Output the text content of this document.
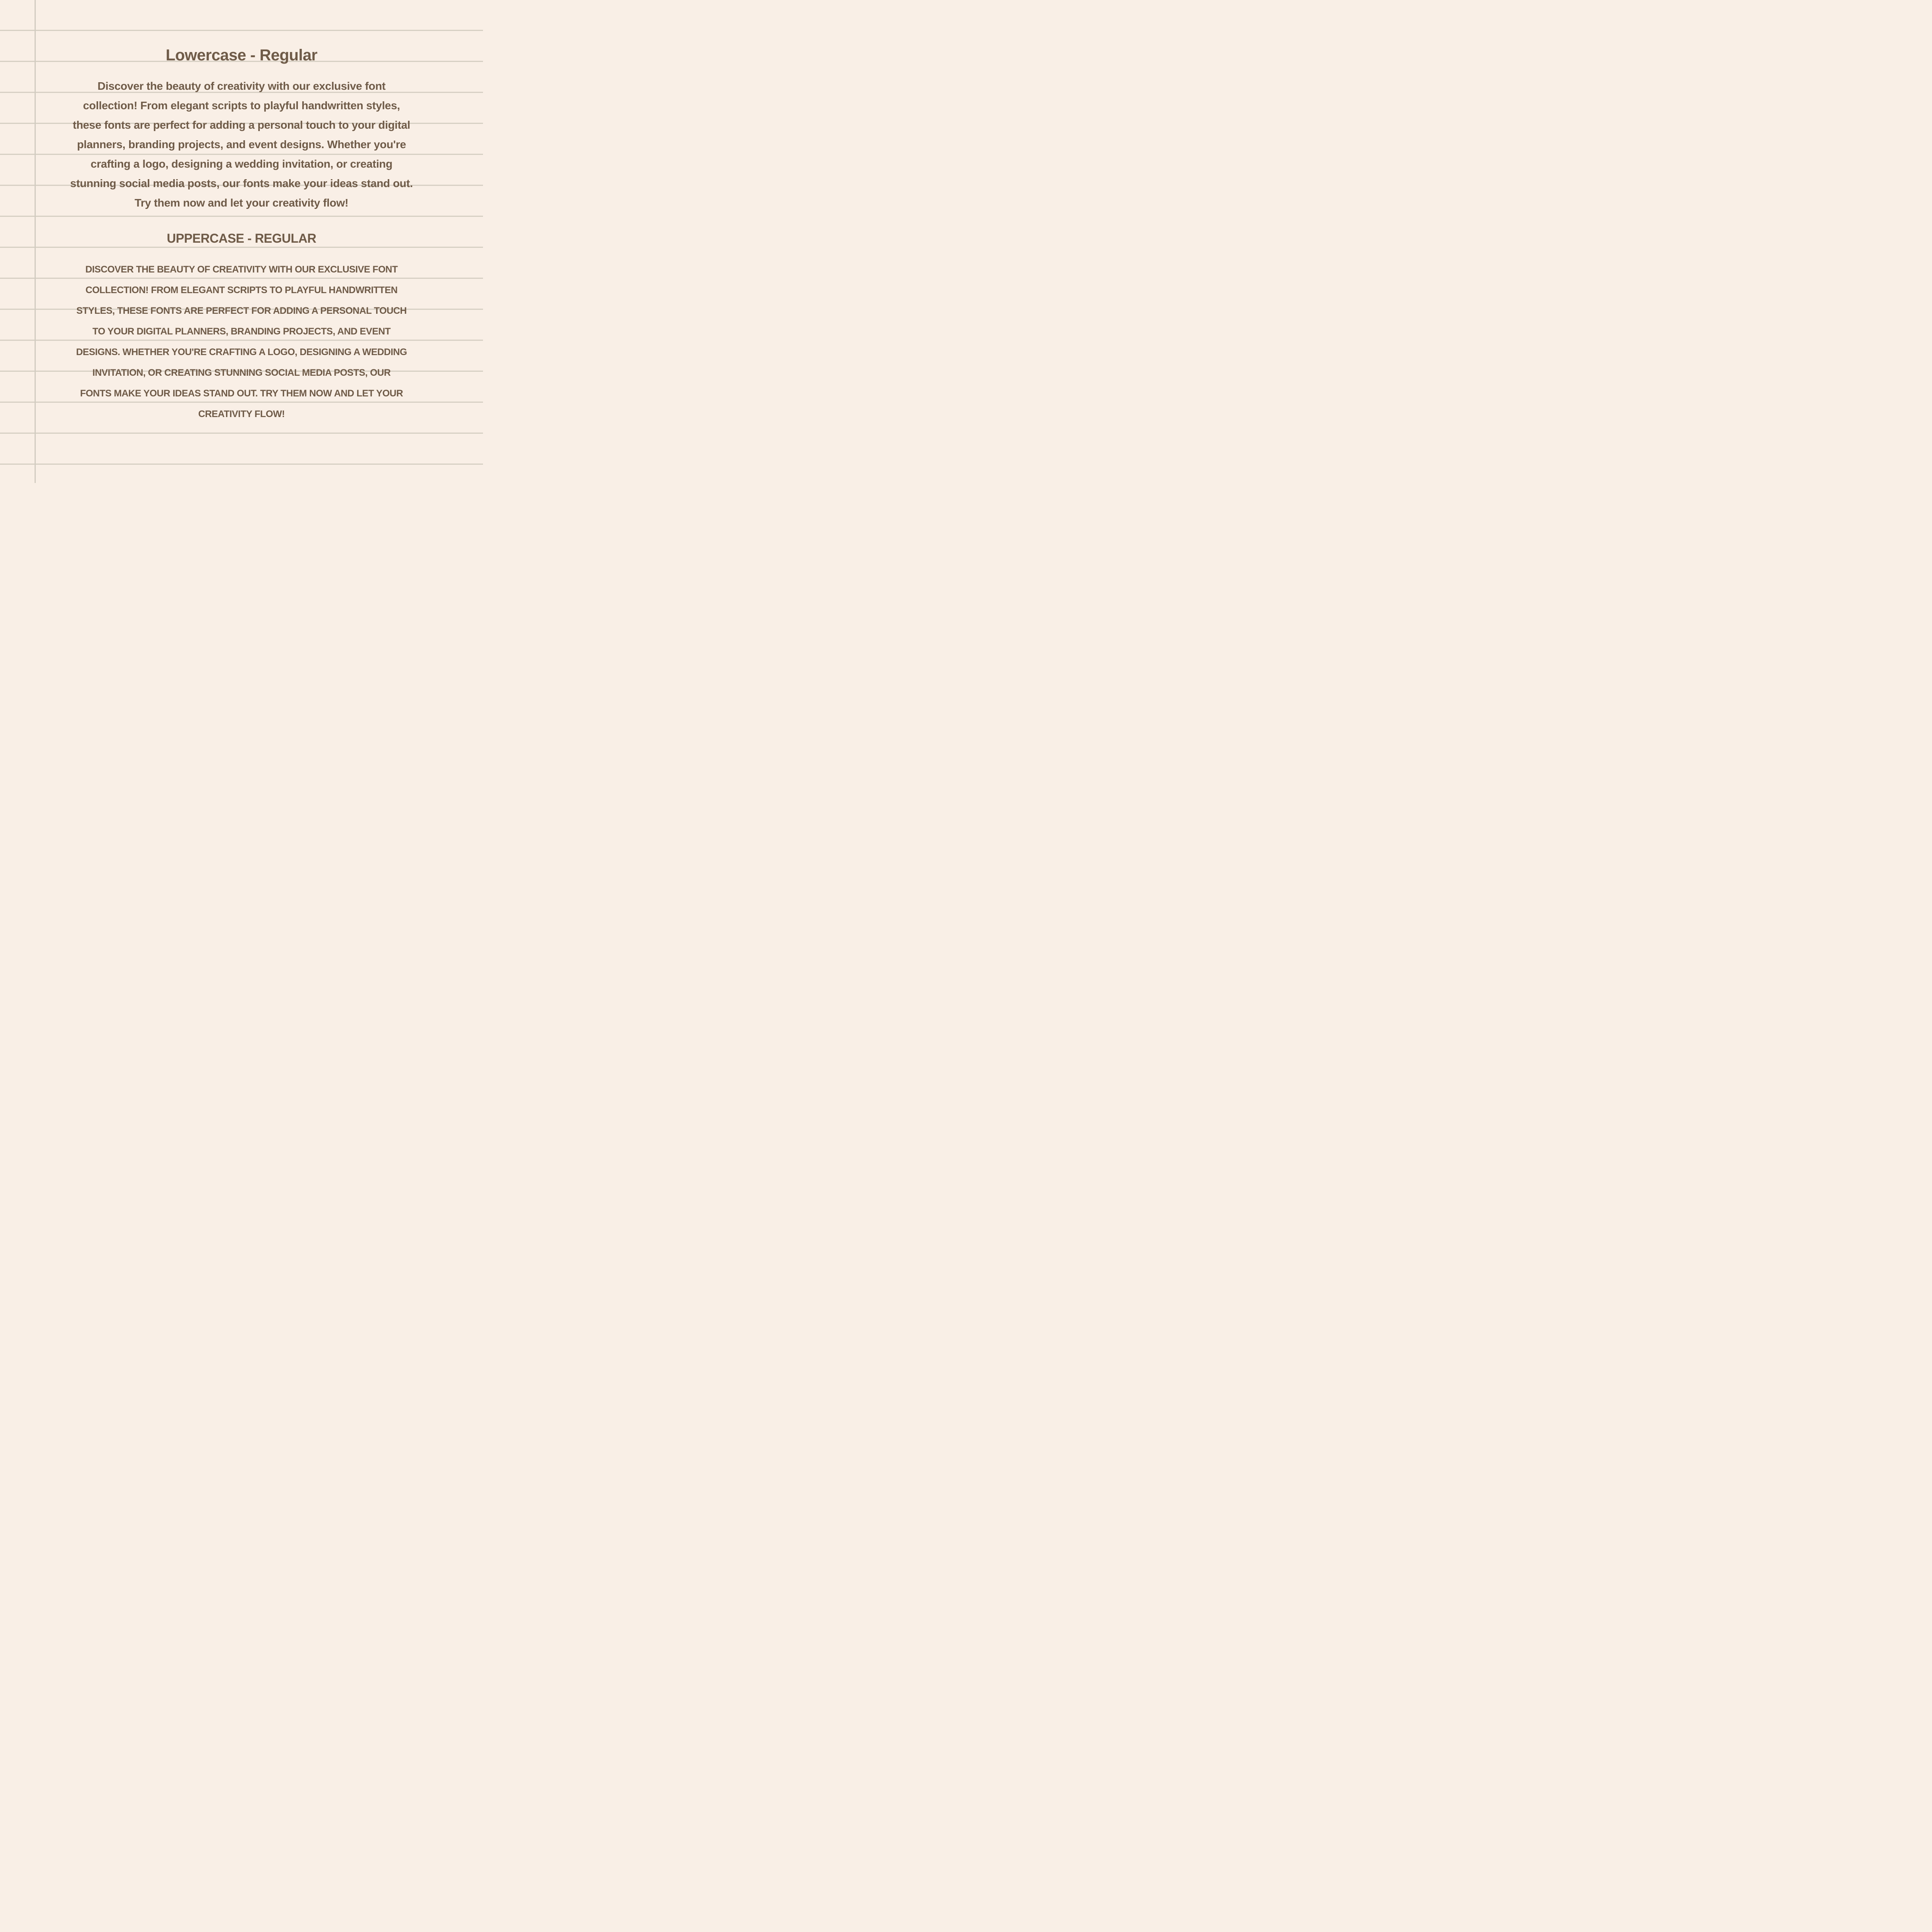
Lowercase - Regular
Discover the beauty of creativity with our exclusive font
collection! From elegant scripts to playful handwritten styles,
these fonts are perfect for adding a personal touch to your digital
planners, branding projects, and event designs. Whether you're
crafting a logo, designing a wedding invitation, or creating
stunning social media posts, our fonts make your ideas stand out.
Try them now and let your creativity flow!
UPPERCASE - REGULAR
DISCOVER THE BEAUTY OF CREATIVITY WITH OUR EXCLUSIVE FONT
COLLECTION! FROM ELEGANT SCRIPTS TO PLAYFUL HANDWRITTEN
STYLES, THESE FONTS ARE PERFECT FOR ADDING A PERSONAL TOUCH
TO YOUR DIGITAL PLANNERS, BRANDING PROJECTS, AND EVENT
DESIGNS. WHETHER YOU'RE CRAFTING A LOGO, DESIGNING A WEDDING
INVITATION, OR CREATING STUNNING SOCIAL MEDIA POSTS, OUR
FONTS MAKE YOUR IDEAS STAND OUT. TRY THEM NOW AND LET YOUR
CREATIVITY FLOW!
